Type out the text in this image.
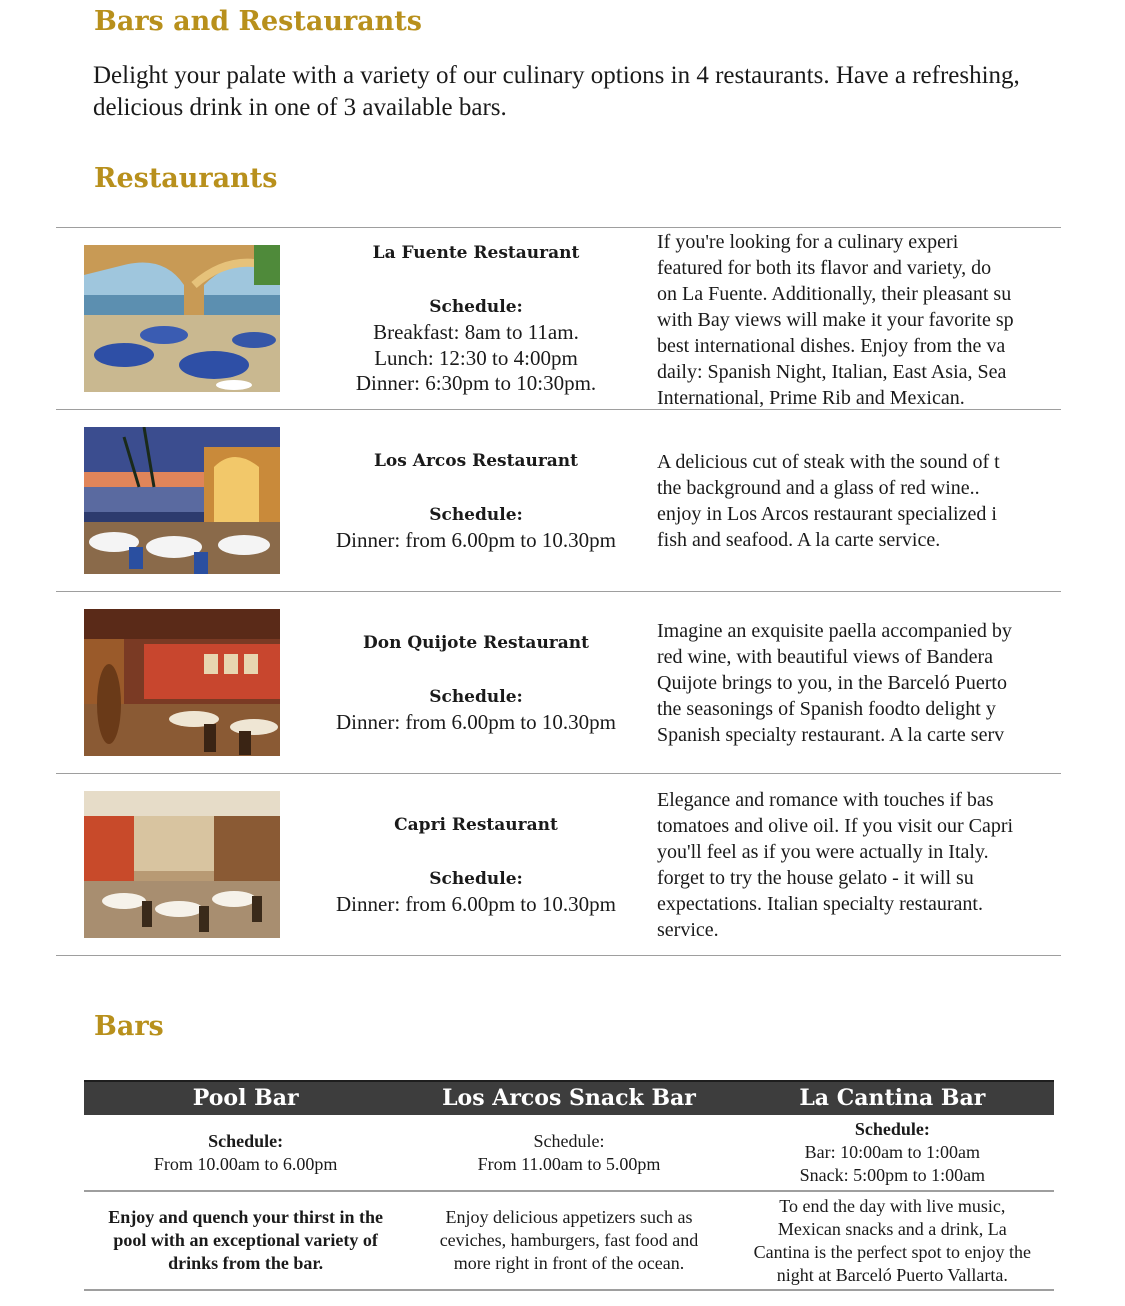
Bars and Restaurants

Delight your palate with a variety of our culinary options in 4 restaurants. Have a refreshing, delicious drink in one of 3 available bars.

Restaurants
La Fuente Restaurant
Schedule:
Breakfast: 8am to 11am.
Lunch: 12:30 to 4:00pm
Dinner: 6:30pm to 10:30pm.
If you're looking for a culinary experi
featured for both its flavor and variety, do
on La Fuente. Additionally, their pleasant su
with Bay views will make it your favorite sp
best international dishes. Enjoy from the va
daily: Spanish Night, Italian, East Asia, Sea
International, Prime Rib and Mexican.
Los Arcos Restaurant
Schedule:
Dinner: from 6.00pm to 10.30pm
A delicious cut of steak with the sound of t
the background and a glass of red wine..
enjoy in Los Arcos restaurant specialized i
fish and seafood. A la carte service.
Don Quijote Restaurant
Schedule:
Dinner: from 6.00pm to 10.30pm
Imagine an exquisite paella accompanied by
red wine, with beautiful views of Bandera
Quijote brings to you, in the Barceló Puerto
the seasonings of Spanish foodto delight y
Spanish specialty restaurant. A la carte serv
Capri Restaurant
Schedule:
Dinner: from 6.00pm to 10.30pm
Elegance and romance with touches if bas
tomatoes and olive oil. If you visit our Capri
you'll feel as if you were actually in Italy.
forget to try the house gelato - it will su
expectations. Italian specialty restaurant.
service.
Bars
Pool Bar	Los Arcos Snack Bar	La Cantina Bar
Schedule:
From 10.00am to 6.00pm
Schedule:
From 11.00am to 5.00pm
Schedule:
Bar: 10:00am to 1:00am
Snack: 5:00pm to 1:00am
Enjoy and quench your thirst in the pool with an exceptional variety of drinks from the bar.
Enjoy delicious appetizers such as ceviches, hamburgers, fast food and more right in front of the ocean.
To end the day with live music, Mexican snacks and a drink, La Cantina is the perfect spot to enjoy the night at Barceló Puerto Vallarta.
